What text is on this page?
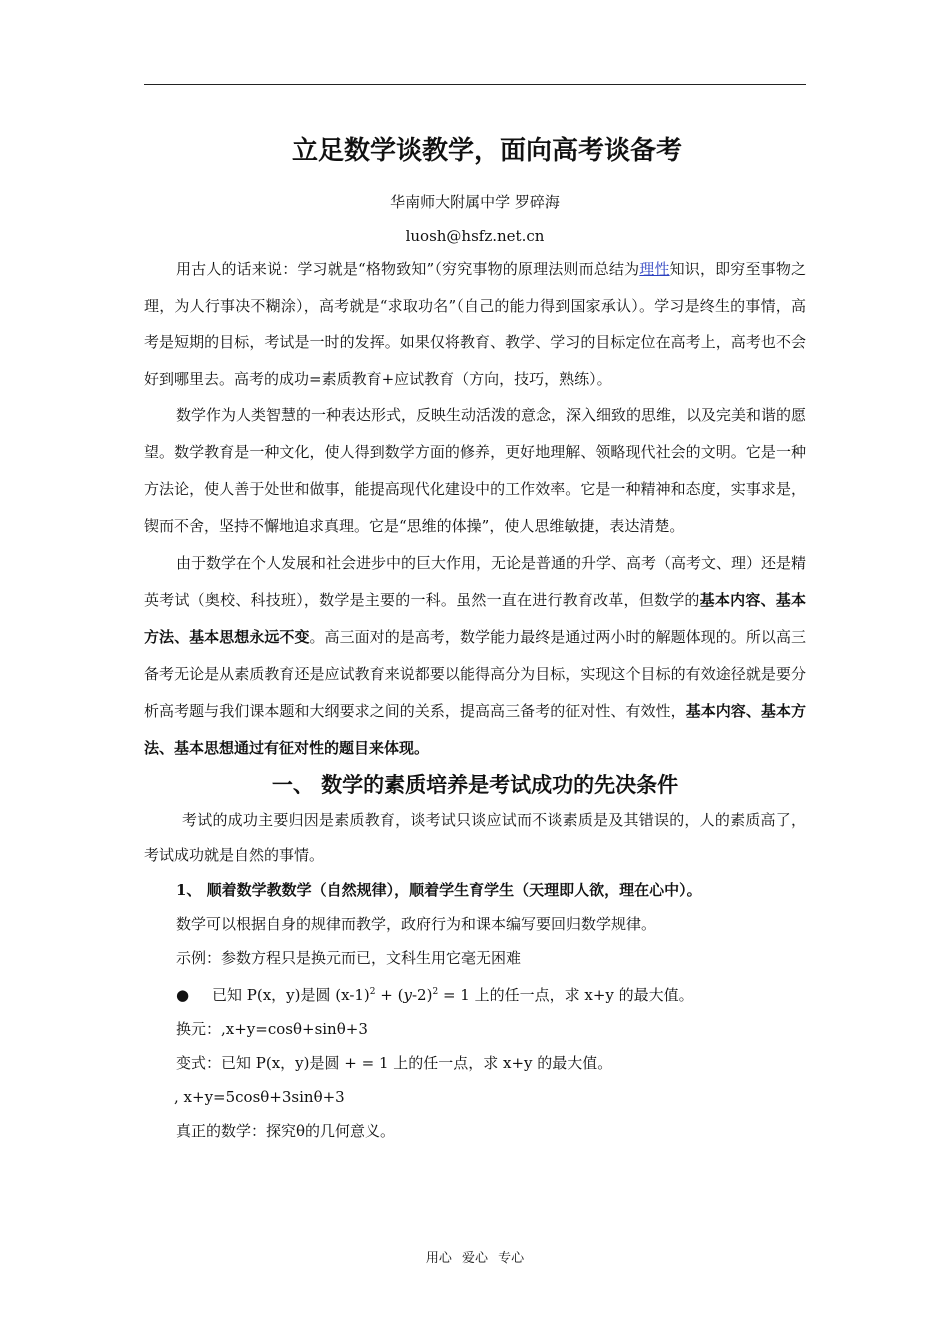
立足数学谈教学，面向高考谈备考
华南师大附属中学 罗碎海
luosh@hsfz.net.cn

用古人的话来说：学习就是“格物致知”（穷究事物的原理法则而总结为理性知识，即穷至事物之理，为人行事决不糊涂），高考就是“求取功名”（自己的能力得到国家承认）。学习是终生的事情，高考是短期的目标，考试是一时的发挥。如果仅将教育、教学、学习的目标定位在高考上，高考也不会好到哪里去。高考的成功=素质教育+应试教育（方向，技巧，熟练）。

数学作为人类智慧的一种表达形式，反映生动活泼的意念，深入细致的思维，以及完美和谐的愿望。数学教育是一种文化，使人得到数学方面的修养，更好地理解、领略现代社会的文明。它是一种方法论，使人善于处世和做事，能提高现代化建设中的工作效率。它是一种精神和态度，实事求是，锲而不舍，坚持不懈地追求真理。它是“思维的体操”，使人思维敏捷，表达清楚。

由于数学在个人发展和社会进步中的巨大作用，无论是普通的升学、高考（高考文、理）还是精英考试（奥校、科技班），数学是主要的一科。虽然一直在进行教育改革，但数学的基本内容、基本方法、基本思想永远不变。高三面对的是高考，数学能力最终是通过两小时的解题体现的。所以高三备考无论是从素质教育还是应试教育来说都要以能得高分为目标，实现这个目标的有效途径就是要分析高考题与我们课本题和大纲要求之间的关系，提高高三备考的征对性、有效性，基本内容、基本方法、基本思想通过有征对性的题目来体现。

一、 数学的素质培养是考试成功的先决条件

考试的成功主要归因是素质教育，谈考试只谈应试而不谈素质是及其错误的，人的素质高了，考试成功就是自然的事情。

1、 顺着数学教数学（自然规律），顺着学生育学生（天理即人欲，理在心中）。

数学可以根据自身的规律而教学，政府行为和课本编写要回归数学规律。

示例：参数方程只是换元而已，文科生用它毫无困难

● 已知 P(x，y)是圆 $(x-1)^2 + (y-2)^2 = 1$ 上的任一点，求 x+y 的最大值。

换元：,x+y=cosθ+sinθ+3

变式：已知 P(x，y)是圆 + = 1 上的任一点，求 x+y 的最大值。

, x+y=5cosθ+3sinθ+3

真正的数学：探究θ的几何意义。

用心 爱心 专心
